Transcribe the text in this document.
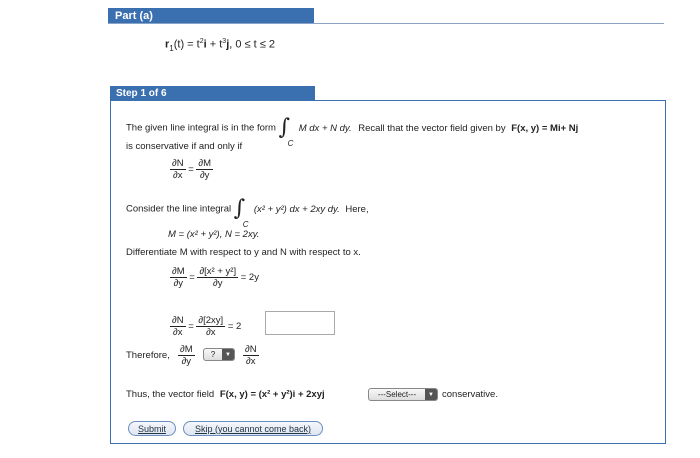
Part (a)
$r_1(t) = t^2i + t^3j$, 0 ≤ t ≤ 2
Step 1 of 6
The given line integral is in the form ∫
C
M dx + N dy. Recall that the vector field given by F(x, y) = Mi+ Nj
is conservative if and only if
$\frac{\partial N}{\partial x} = \frac{\partial M}{\partial y}$
Consider the line integral ∫
C
(x² + y²) dx + 2xy dy. Here,
M = (x² + y²), N = 2xy.
Differentiate M with respect to y and N with respect to x.
$\frac{\partial M}{\partial y} = \frac{\text{∂[x² + y²]}}{\partial y} = 2y$
$\frac{\partial N}{\partial x} = \frac{\partial[2xy]}{\partial x} = 2$
Therefore, $\frac{\partial M}{\partial y}$	?	▼	$\frac{\partial N}{\partial x}$
Thus, the vector field F(x, y) = (x² + y²)i + 2xyj	---Select---	▼ conservative.
Submit	Skip (you cannot come back)
